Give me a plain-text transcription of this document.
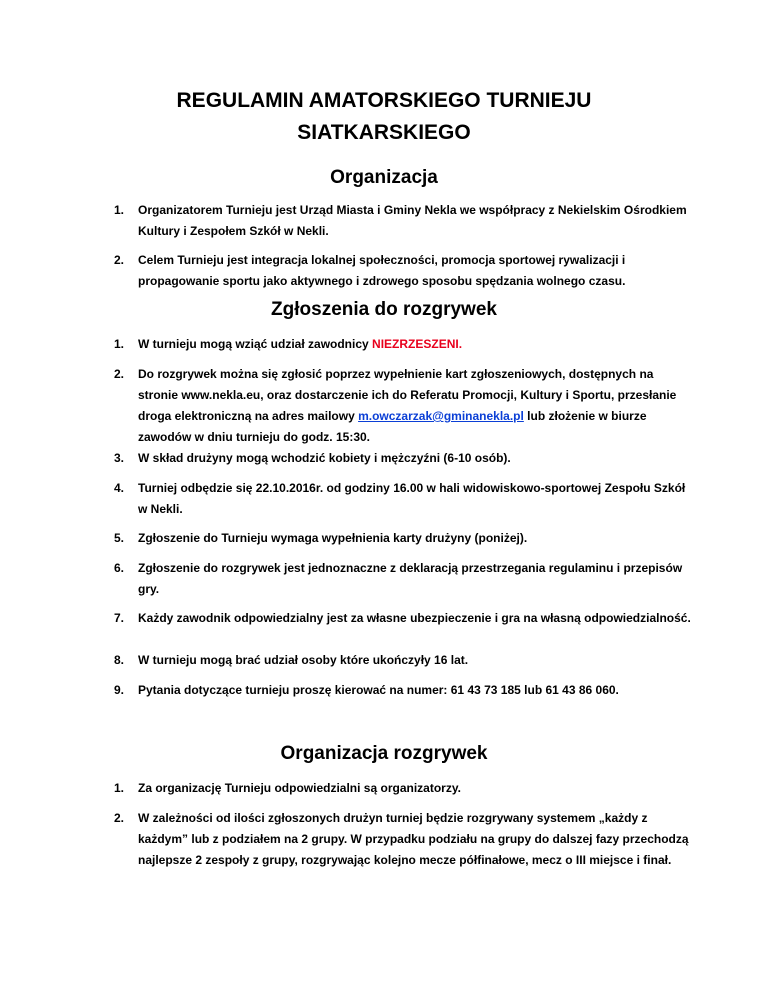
REGULAMIN AMATORSKIEGO TURNIEJU
SIATKARSKIEGO
Organizacja
1.	Organizatorem Turnieju jest Urząd Miasta i Gminy Nekla we współpracy z Nekielskim Ośrodkiem Kultury i Zespołem Szkół w Nekli.
2.	Celem Turnieju jest integracja lokalnej społeczności, promocja sportowej rywalizacji i propagowanie sportu jako aktywnego i zdrowego sposobu spędzania wolnego czasu.
Zgłoszenia do rozgrywek
1.	W turnieju mogą wziąć udział zawodnicy NIEZRZESZENI.
2.	Do rozgrywek można się zgłosić poprzez wypełnienie kart zgłoszeniowych, dostępnych na stronie www.nekla.eu, oraz dostarczenie ich do Referatu Promocji, Kultury i Sportu, przesłanie droga elektroniczną na adres mailowy m.owczarzak@gminanekla.pl lub złożenie w biurze zawodów w dniu turnieju do godz. 15:30.
3.	W skład drużyny mogą wchodzić kobiety i mężczyźni (6-10 osób).
4.	Turniej odbędzie się 22.10.2016r. od godziny 16.00 w hali widowiskowo-sportowej Zespołu Szkół w Nekli.
5.	Zgłoszenie do Turnieju wymaga wypełnienia karty drużyny (poniżej).
6.	Zgłoszenie do rozgrywek jest jednoznaczne z deklaracją przestrzegania regulaminu i przepisów gry.
7.	Każdy zawodnik odpowiedzialny jest za własne ubezpieczenie i gra na własną odpowiedzialność.
8.	W turnieju mogą brać udział osoby które ukończyły 16 lat.
9.	Pytania dotyczące turnieju proszę kierować na numer: 61 43 73 185 lub 61 43 86 060.
Organizacja rozgrywek
1.	Za organizację Turnieju odpowiedzialni są organizatorzy.
2.	W zależności od ilości zgłoszonych drużyn turniej będzie rozgrywany systemem „każdy z każdym” lub z podziałem na 2 grupy. W przypadku podziału na grupy do dalszej fazy przechodzą najlepsze 2 zespoły z grupy, rozgrywając kolejno mecze półfinałowe, mecz o III miejsce i finał.
